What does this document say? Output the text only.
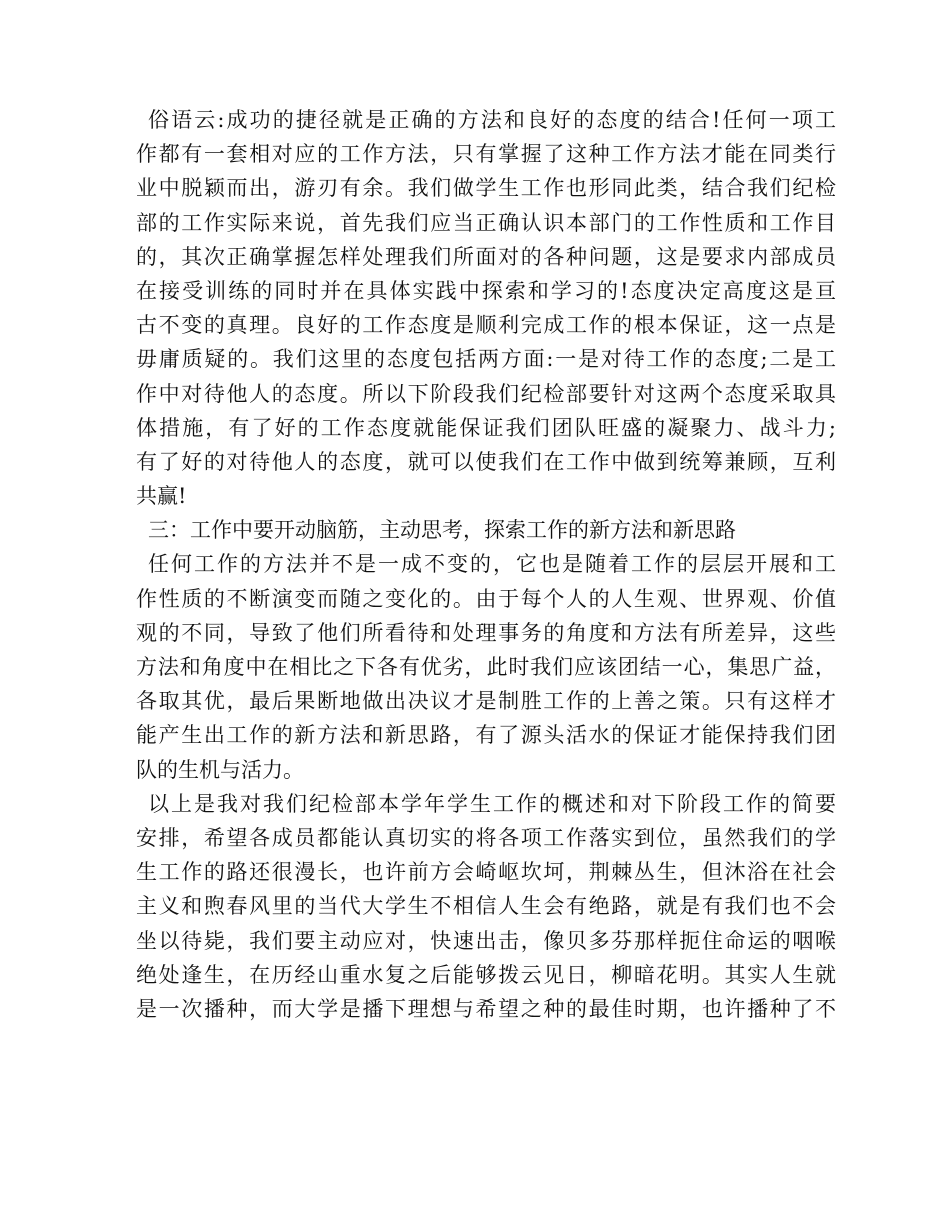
俗语云:成功的捷径就是正确的方法和良好的态度的结合!任何一项工
作都有一套相对应的工作方法，只有掌握了这种工作方法才能在同类行
业中脱颖而出，游刃有余。我们做学生工作也形同此类，结合我们纪检
部的工作实际来说，首先我们应当正确认识本部门的工作性质和工作目
的，其次正确掌握怎样处理我们所面对的各种问题，这是要求内部成员
在接受训练的同时并在具体实践中探索和学习的!态度决定高度这是亘
古不变的真理。良好的工作态度是顺利完成工作的根本保证，这一点是
毋庸质疑的。我们这里的态度包括两方面:一是对待工作的态度;二是工
作中对待他人的态度。所以下阶段我们纪检部要针对这两个态度采取具
体措施，有了好的工作态度就能保证我们团队旺盛的凝聚力、战斗力;
有了好的对待他人的态度，就可以使我们在工作中做到统筹兼顾，互利
共赢!
三：工作中要开动脑筋，主动思考，探索工作的新方法和新思路
任何工作的方法并不是一成不变的，它也是随着工作的层层开展和工
作性质的不断演变而随之变化的。由于每个人的人生观、世界观、价值
观的不同，导致了他们所看待和处理事务的角度和方法有所差异，这些
方法和角度中在相比之下各有优劣，此时我们应该团结一心，集思广益，
各取其优，最后果断地做出决议才是制胜工作的上善之策。只有这样才
能产生出工作的新方法和新思路，有了源头活水的保证才能保持我们团
队的生机与活力。
以上是我对我们纪检部本学年学生工作的概述和对下阶段工作的简要
安排，希望各成员都能认真切实的将各项工作落实到位，虽然我们的学
生工作的路还很漫长，也许前方会崎岖坎坷，荆棘丛生，但沐浴在社会
主义和煦春风里的当代大学生不相信人生会有绝路，就是有我们也不会
坐以待毙，我们要主动应对，快速出击，像贝多芬那样扼住命运的咽喉
绝处逢生，在历经山重水复之后能够拨云见日，柳暗花明。其实人生就
是一次播种，而大学是播下理想与希望之种的最佳时期，也许播种了不
